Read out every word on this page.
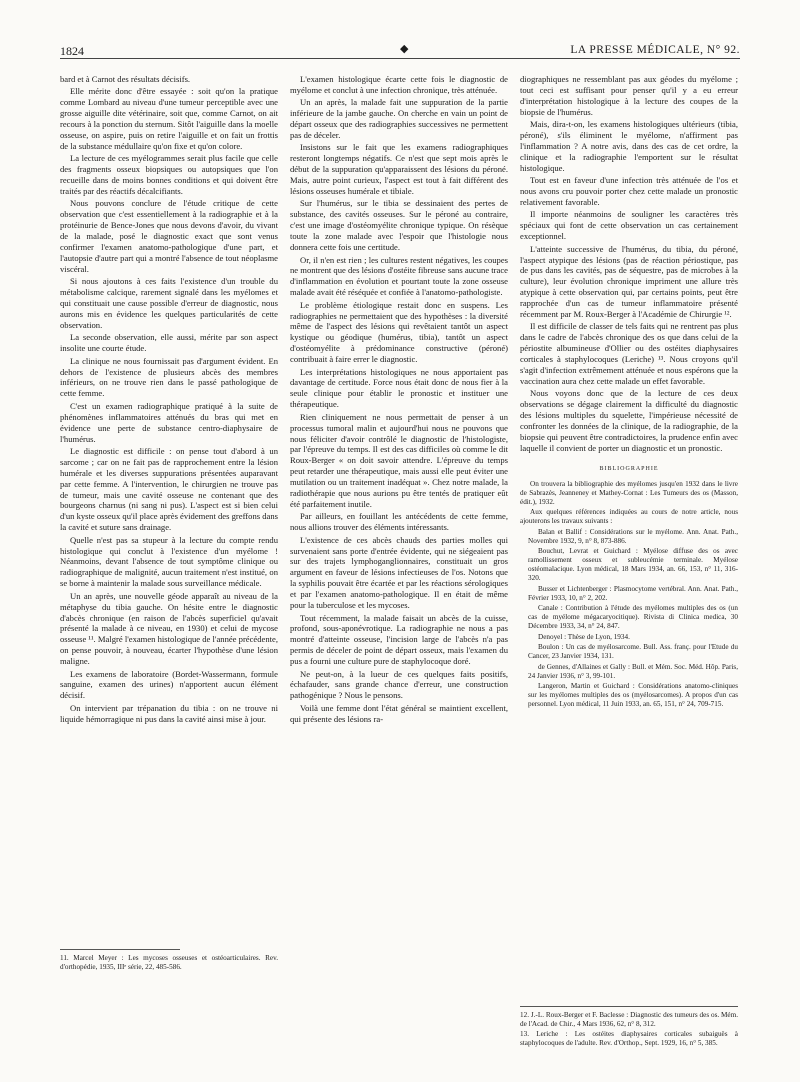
1824	◆	LA PRESSE MÉDICALE, N° 92.

bard et à Carnot des résultats décisifs.

Elle mérite donc d'être essayée : soit qu'on la pratique comme Lombard au niveau d'une tumeur perceptible avec une grosse aiguille dite vétérinaire, soit que, comme Carnot, on ait recours à la ponction du sternum. Sitôt l'aiguille dans la moelle osseuse, on aspire, puis on retire l'aiguille et on fait un frottis de la substance médullaire qu'on fixe et qu'on colore.

La lecture de ces myélogrammes serait plus facile que celle des fragments osseux biopsiques ou autopsiques que l'on recueille dans de moins bonnes conditions et qui doivent être traités par des réactifs décalcifiants.

Nous pouvons conclure de l'étude critique de cette observation que c'est essentiellement à la radiographie et à la protéinurie de Bence-Jones que nous devons d'avoir, du vivant de la malade, posé le diagnostic exact que sont venus confirmer l'examen anatomo-pathologique d'une part, et l'autopsie d'autre part qui a montré l'absence de tout néoplasme viscéral.

Si nous ajoutons à ces faits l'existence d'un trouble du métabolisme calcique, rarement signalé dans les myélomes et qui constituait une cause possible d'erreur de diagnostic, nous aurons mis en évidence les quelques particularités de cette observation.

La seconde observation, elle aussi, mérite par son aspect insolite une courte étude.

La clinique ne nous fournissait pas d'argument évident. En dehors de l'existence de plusieurs abcès des membres inférieurs, on ne trouve rien dans le passé pathologique de cette femme.

C'est un examen radiographique pratiqué à la suite de phénomènes inflammatoires atténués du bras qui met en évidence une perte de substance centro-diaphysaire de l'humérus.

Le diagnostic est difficile : on pense tout d'abord à un sarcome ; car on ne fait pas de rapprochement entre la lésion humérale et les diverses suppurations présentées auparavant par cette femme. A l'intervention, le chirurgien ne trouve pas de tumeur, mais une cavité osseuse ne contenant que des bourgeons charnus (ni sang ni pus). L'aspect est si bien celui d'un kyste osseux qu'il place après évidement des greffons dans la cavité et suture sans drainage.

Quelle n'est pas sa stupeur à la lecture du compte rendu histologique qui conclut à l'existence d'un myélome ! Néanmoins, devant l'absence de tout symptôme clinique ou radiographique de malignité, aucun traitement n'est institué, on se borne à maintenir la malade sous surveillance médicale.

Un an après, une nouvelle géode apparaît au niveau de la métaphyse du tibia gauche. On hésite entre le diagnostic d'abcès chronique (en raison de l'abcès superficiel qu'avait présenté la malade à ce niveau, en 1930) et celui de mycose osseuse ¹¹. Malgré l'examen histologique de l'année précédente, on pense pouvoir, à nouveau, écarter l'hypothèse d'une lésion maligne.

Les examens de laboratoire (Bordet-Wassermann, formule sanguine, examen des urines) n'apportent aucun élément décisif.

On intervient par trépanation du tibia : on ne trouve ni liquide hémorragique ni pus dans la cavité ainsi mise à jour.

11. Marcel Meyer : Les mycoses osseuses et ostéoarticulaires. Rev. d'orthopédie, 1935, IIIᵉ série, 22, 485-586.

L'examen histologique écarte cette fois le diagnostic de myélome et conclut à une infection chronique, très atténuée.

Un an après, la malade fait une suppuration de la partie inférieure de la jambe gauche. On cherche en vain un point de départ osseux que des radiographies successives ne permettent pas de déceler.

Insistons sur le fait que les examens radiographiques resteront longtemps négatifs. Ce n'est que sept mois après le début de la suppuration qu'apparaissent des lésions du péroné. Mais, autre point curieux, l'aspect est tout à fait différent des lésions osseuses humérale et tibiale.

Sur l'humérus, sur le tibia se dessinaient des pertes de substance, des cavités osseuses. Sur le péroné au contraire, c'est une image d'ostéomyélite chronique typique. On résèque toute la zone malade avec l'espoir que l'histologie nous donnera cette fois une certitude.

Or, il n'en est rien ; les cultures restent négatives, les coupes ne montrent que des lésions d'ostéite fibreuse sans aucune trace d'inflammation en évolution et pourtant toute la zone osseuse malade avait été réséquée et confiée à l'anatomo-pathologiste.

Le problème étiologique restait donc en suspens. Les radiographies ne permettaient que des hypothèses : la diversité même de l'aspect des lésions qui revêtaient tantôt un aspect kystique ou géodique (humérus, tibia), tantôt un aspect d'ostéomyélite à prédominance constructive (péroné) contribuait à faire errer le diagnostic.

Les interprétations histologiques ne nous apportaient pas davantage de certitude. Force nous était donc de nous fier à la seule clinique pour établir le pronostic et instituer une thérapeutique.

Rien cliniquement ne nous permettait de penser à un processus tumoral malin et aujourd'hui nous ne pouvons que nous féliciter d'avoir contrôlé le diagnostic de l'histologiste, par l'épreuve du temps. Il est des cas difficiles où comme le dit Roux-Berger « on doit savoir attendre. L'épreuve du temps peut retarder une thérapeutique, mais aussi elle peut éviter une mutilation ou un traitement inadéquat ». Chez notre malade, la radiothérapie que nous aurions pu être tentés de pratiquer eût été parfaitement inutile.

Par ailleurs, en fouillant les antécédents de cette femme, nous allions trouver des éléments intéressants.

L'existence de ces abcès chauds des parties molles qui survenaient sans porte d'entrée évidente, qui ne siégeaient pas sur des trajets lymphoganglionnaires, constituait un gros argument en faveur de lésions infectieuses de l'os. Notons que la syphilis pouvait être écartée et par les réactions sérologiques et par l'examen anatomo-pathologique. Il en était de même pour la tuberculose et les mycoses.

Tout récemment, la malade faisait un abcès de la cuisse, profond, sous-aponévrotique. La radiographie ne nous a pas montré d'atteinte osseuse, l'incision large de l'abcès n'a pas permis de déceler de point de départ osseux, mais l'examen du pus a fourni une culture pure de staphylocoque doré.

Ne peut-on, à la lueur de ces quelques faits positifs, échafauder, sans grande chance d'erreur, une construction pathogénique ? Nous le pensons.

Voilà une femme dont l'état général se maintient excellent, qui présente des lésions ra-

diographiques ne ressemblant pas aux géodes du myélome ; tout ceci est suffisant pour penser qu'il y a eu erreur d'interprétation histologique à la lecture des coupes de la biopsie de l'humérus.

Mais, dira-t-on, les examens histologiques ultérieurs (tibia, péroné), s'ils éliminent le myélome, n'affirment pas l'inflammation ? A notre avis, dans des cas de cet ordre, la clinique et la radiographie l'emportent sur le résultat histologique.

Tout est en faveur d'une infection très atténuée de l'os et nous avons cru pouvoir porter chez cette malade un pronostic relativement favorable.

Il importe néanmoins de souligner les caractères très spéciaux qui font de cette observation un cas certainement exceptionnel.

L'atteinte successive de l'humérus, du tibia, du péroné, l'aspect atypique des lésions (pas de réaction périostique, pas de pus dans les cavités, pas de séquestre, pas de microbes à la culture), leur évolution chronique impriment une allure très atypique à cette observation qui, par certains points, peut être rapprochée d'un cas de tumeur inflammatoire présenté récemment par M. Roux-Berger à l'Académie de Chirurgie ¹².

Il est difficile de classer de tels faits qui ne rentrent pas plus dans le cadre de l'abcès chronique des os que dans celui de la périostite albumineuse d'Ollier ou des ostéites diaphysaires corticales à staphylocoques (Leriche) ¹³. Nous croyons qu'il s'agit d'infection extrêmement atténuée et nous espérons que la vaccination aura chez cette malade un effet favorable.

Nous voyons donc que de la lecture de ces deux observations se dégage clairement la difficulté du diagnostic des lésions multiples du squelette, l'impérieuse nécessité de confronter les données de la clinique, de la radiographie, de la biopsie qui peuvent être contradictoires, la prudence enfin avec laquelle il convient de porter un diagnostic et un pronostic.

BIBLIOGRAPHIE

On trouvera la bibliographie des myélomes jusqu'en 1932 dans le livre de Sabrazès, Jeanneney et Mathey-Cornat : Les Tumeurs des os (Masson, édit.), 1932.

Aux quelques références indiquées au cours de notre article, nous ajouterons les travaux suivants :

Balan et Ballif : Considérations sur le myélome. Ann. Anat. Path., Novembre 1932, 9, n° 8, 873-886.

Bouchut, Levrat et Guichard : Myélose diffuse des os avec ramollissement osseux et subleucémie terminale. Myélose ostéomalacique. Lyon médical, 18 Mars 1934, an. 66, 153, n° 11, 316-320.

Busser et Lichtenberger : Plasmocytome vertébral. Ann. Anat. Path., Février 1933, 10, n° 2, 202.

Canale : Contribution à l'étude des myélomes multiples des os (un cas de myélome mégacaryocitique). Rivista di Clinica medica, 30 Décembre 1933, 34, n° 24, 847.

Denoyel : Thèse de Lyon, 1934.

Boulon : Un cas de myélosarcome. Bull. Ass. franç. pour l'Etude du Cancer, 23 Janvier 1934, 131.

de Gennes, d'Allaines et Gally : Bull. et Mém. Soc. Méd. Hôp. Paris, 24 Janvier 1936, n° 3, 99-101.

Langeron, Martin et Guichard : Considérations anatomo-cliniques sur les myélomes multiples des os (myélosarcomes). A propos d'un cas personnel. Lyon médical, 11 Juin 1933, an. 65, 151, n° 24, 709-715.

12. J.-L. Roux-Berger et F. Baclesse : Diagnostic des tumeurs des os. Mém. de l'Acad. de Chir., 4 Mars 1936, 62, n° 8, 312.

13. Leriche : Les ostéites diaphysaires corticales subaiguës à staphylocoques de l'adulte. Rev. d'Orthop., Sept. 1929, 16, n° 5, 385.
